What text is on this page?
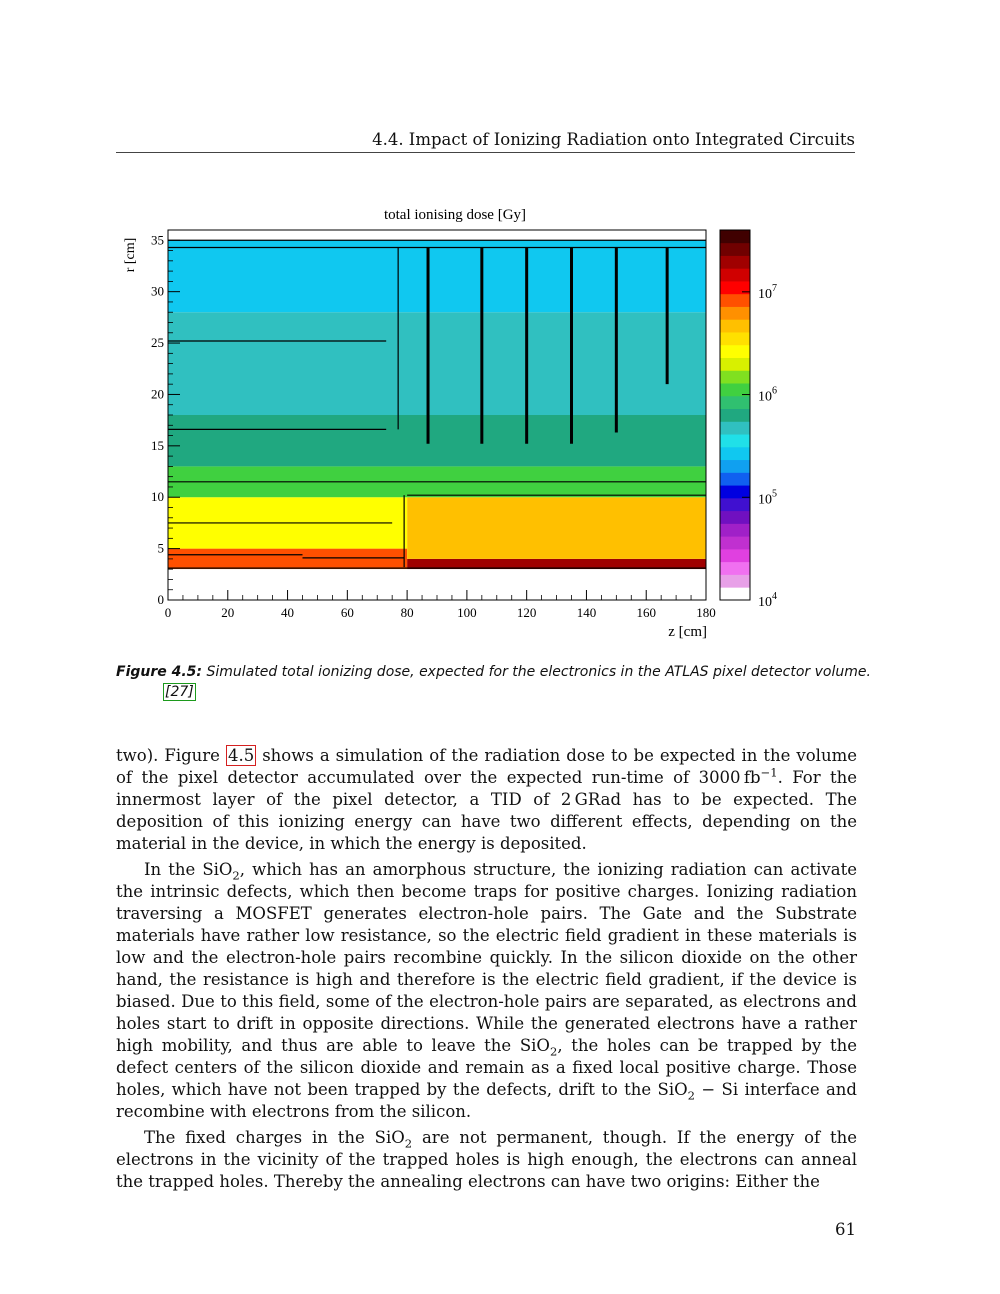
4.4. Impact of Ionizing Radiation onto Integrated Circuits
total ionising dose [Gy]
r [cm]
z [cm]
0	20	40	60	80	100	120	140	160	180
0
5
10
15
20
25
30
35
$10^4$
$10^5$
$10^6$
$10^7$
Figure 4.5: Simulated total ionizing dose, expected for the electronics in the ATLAS pixel detector volume. [27]

two). Figure 4.5 shows a simulation of the radiation dose to be expected in the volume of the pixel detector accumulated over the expected run-time of 3000 $fb^{-1}$. For the innermost layer of the pixel detector, a TID of 2 GRad has to be expected. The deposition of this ionizing energy can have two different effects, depending on the material in the device, in which the energy is deposited.

In the SiO$_2$, which has an amorphous structure, the ionizing radiation can activate the intrinsic defects, which then become traps for positive charges. Ionizing radiation traversing a MOSFET generates electron-hole pairs. The Gate and the Substrate materials have rather low resistance, so the electric field gradient in these materials is low and the electron-hole pairs recombine quickly. In the silicon dioxide on the other hand, the resistance is high and therefore is the electric field gradient, if the device is biased. Due to this field, some of the electron-hole pairs are separated, as electrons and holes start to drift in opposite directions. While the generated electrons have a rather high mobility, and thus are able to leave the SiO$_2$, the holes can be trapped by the defect centers of the silicon dioxide and remain as a fixed local positive charge. Those holes, which have not been trapped by the defects, drift to the SiO$_2$ − Si interface and recombine with electrons from the silicon.

The fixed charges in the SiO$_2$ are not permanent, though. If the energy of the electrons in the vicinity of the trapped holes is high enough, the electrons can anneal the trapped holes. Thereby the annealing electrons can have two origins: Either the

61
